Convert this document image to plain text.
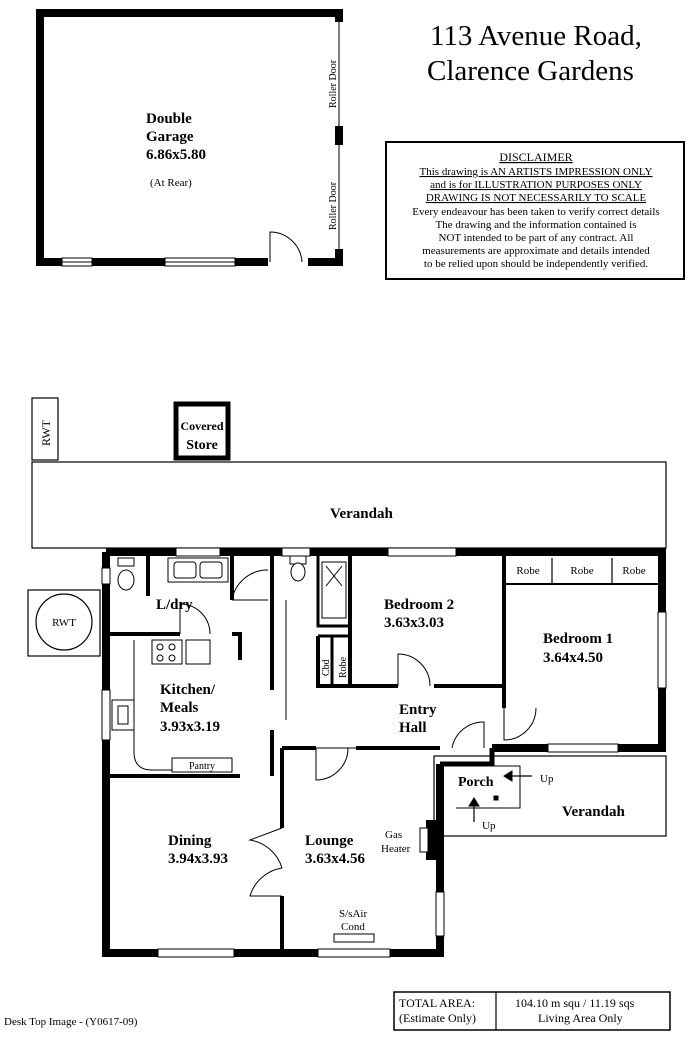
Roller Door
Roller Door
Double
Garage
6.86x5.80
(At Rear)
113 Avenue Road,
Clarence Gardens
DISCLAIMER
This drawing is AN ARTISTS IMPRESSION ONLY
and is for ILLUSTRATION PURPOSES ONLY
DRAWING IS NOT NECESSARILY TO SCALE
Every endeavour has been taken to verify correct details
The drawing and the information contained is
NOT intended to be part of any contract. All
measurements are approximate and details intended
to be relied upon should be independently verified.
RWT	Covered
Store
RWT
Verandah
Robe	Robe	Robe
Cbd Robe
L/dry
Kitchen/
Meals
3.93x3.19
Pantry
Bedroom 2
3.63x3.03
Bedroom 1
3.64x4.50
Entry
Hall
Porch	Up
Up
Verandah
Dining
3.94x3.93
Lounge
3.63x4.56
Gas
Heater
S/sAir
Cond
TOTAL AREA:
(Estimate Only)
104.10 m squ / 11.19 sqs
Living Area Only
Desk Top Image - (Y0617-09)
